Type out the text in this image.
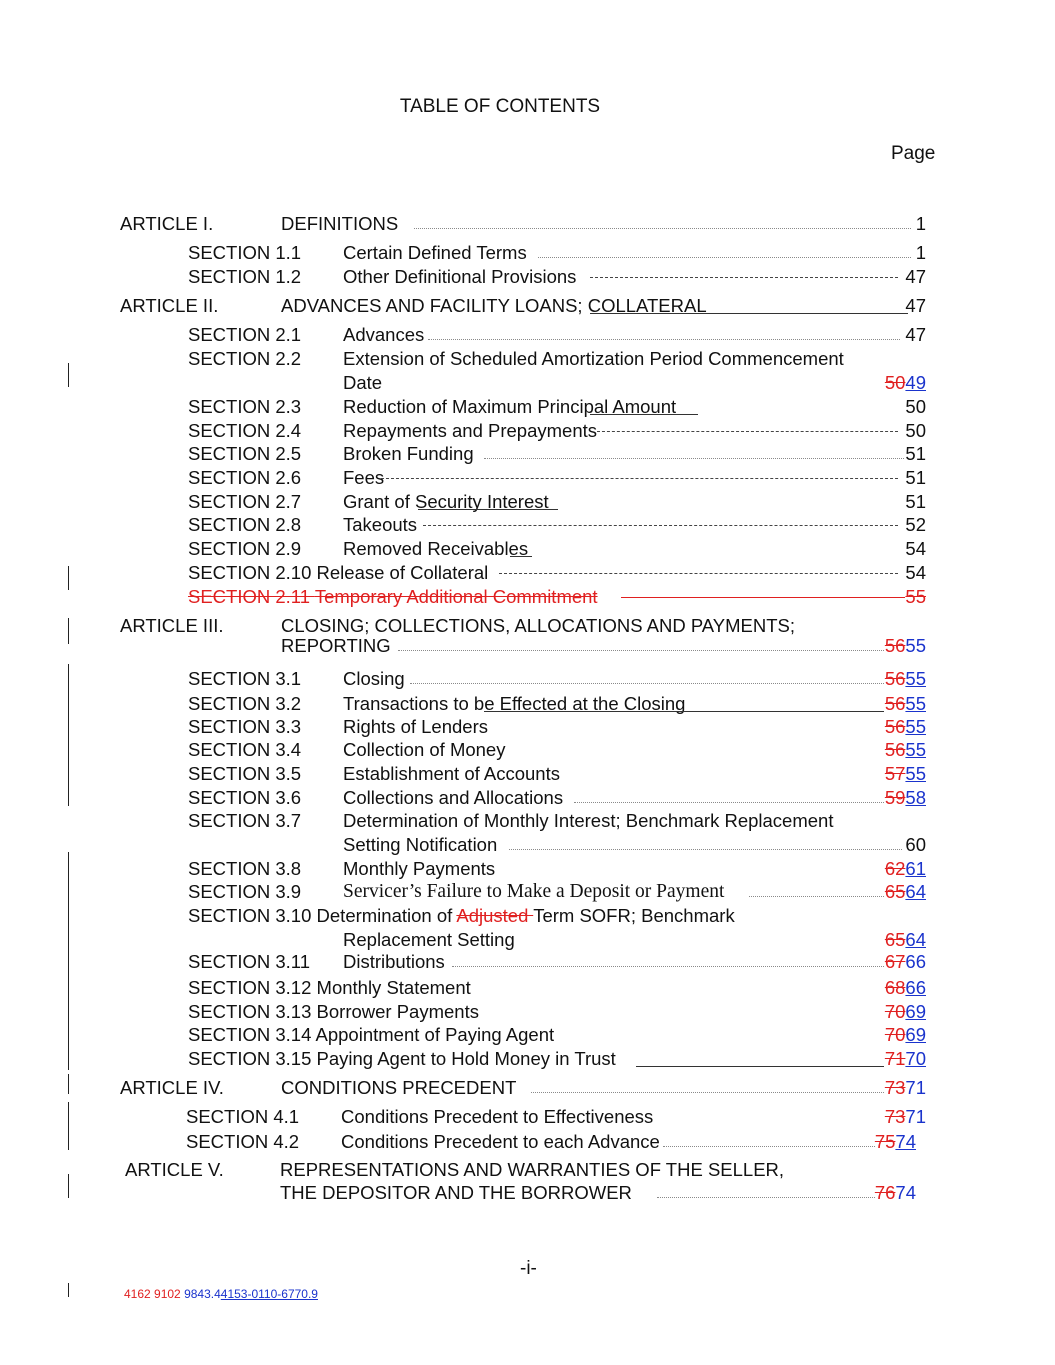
TABLE OF CONTENTS
Page
ARTICLE I.	DEFINITIONS	1
SECTION 1.1 Certain Defined Terms	1
SECTION 1.2 Other Definitional Provisions	47
ARTICLE II.	ADVANCES AND FACILITY LOANS; COLLATERAL	47
SECTION 2.1 Advances	47
SECTION 2.2 Extension of Scheduled Amortization Period Commencement
Date	5049
SECTION 2.3 Reduction of Maximum Principal Amount	50
SECTION 2.4 Repayments and Prepayments	50
SECTION 2.5 Broken Funding	51
SECTION 2.6 Fees	51
SECTION 2.7 Grant of Security Interest	51
SECTION 2.8 Takeouts	52
SECTION 2.9 Removed Receivables	54
SECTION 2.10 Release of Collateral	54
SECTION 2.11 Temporary Additional Commitment	55
ARTICLE III.	CLOSING; COLLECTIONS, ALLOCATIONS AND PAYMENTS;
REPORTING	5655
SECTION 3.1 Closing	5655
SECTION 3.2 Transactions to be Effected at the Closing	5655
SECTION 3.3 Rights of Lenders	5655
SECTION 3.4 Collection of Money	5655
SECTION 3.5 Establishment of Accounts	5755
SECTION 3.6 Collections and Allocations	5958
SECTION 3.7 Determination of Monthly Interest; Benchmark Replacement
Setting Notification	60
SECTION 3.8 Monthly Payments	6261
SECTION 3.9 Servicer’s Failure to Make a Deposit or Payment	6564
SECTION 3.10 Determination of Adjusted Term SOFR; Benchmark
Replacement Setting	6564
SECTION 3.11 Distributions	6766
SECTION 3.12 Monthly Statement	6866
SECTION 3.13 Borrower Payments	7069
SECTION 3.14 Appointment of Paying Agent	7069
SECTION 3.15 Paying Agent to Hold Money in Trust	7170
ARTICLE IV.	CONDITIONS PRECEDENT	7371
SECTION 4.1 Conditions Precedent to Effectiveness	7371
SECTION 4.2 Conditions Precedent to each Advance	7574
ARTICLE V.	REPRESENTATIONS AND WARRANTIES OF THE SELLER,
THE DEPOSITOR AND THE BORROWER	7674
-i-
4162 9102 9843.44153-0110-6770.9
